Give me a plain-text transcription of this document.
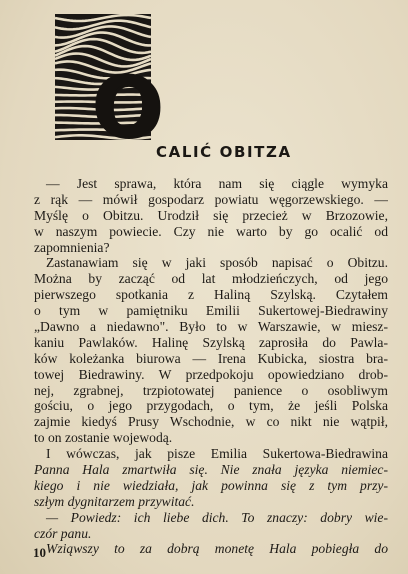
O
CALIĆ OBITZA
— Jest sprawa, która nam się ciągle wymyka
z rąk — mówił gospodarz powiatu węgorzewskiego. —
Myślę o Obitzu. Urodził się przecież w Brzozowie,
w naszym powiecie. Czy nie warto by go ocalić od
zapomnienia?
Zastanawiam się w jaki sposób napisać o Obitzu.
Można by zacząć od lat młodzieńczych, od jego
pierwszego spotkania z Haliną Szylską. Czytałem
o tym w pamiętniku Emilii Sukertowej-Biedrawiny
„Dawno a niedawno". Było to w Warszawie, w miesz-
kaniu Pawlaków. Halinę Szylską zaprosiła do Pawla-
ków koleżanka biurowa — Irena Kubicka, siostra bra-
towej Biedrawiny. W przedpokoju opowiedziano drob-
nej, zgrabnej, trzpiotowatej panience o osobliwym
gościu, o jego przygodach, o tym, że jeśli Polska
zajmie kiedyś Prusy Wschodnie, w co nikt nie wątpił,
to on zostanie wojewodą.
I wówczas, jak pisze Emilia Sukertowa-Biedrawina
Panna Hala zmartwiła się. Nie znała języka niemiec-
kiego i nie wiedziała, jak powinna się z tym przy-
szłym dygnitarzem przywitać.
— Powiedz: ich liebe dich. To znaczy: dobry wie-
czór panu.
Wziąwszy to za dobrą monetę Hala pobiegła do
10
